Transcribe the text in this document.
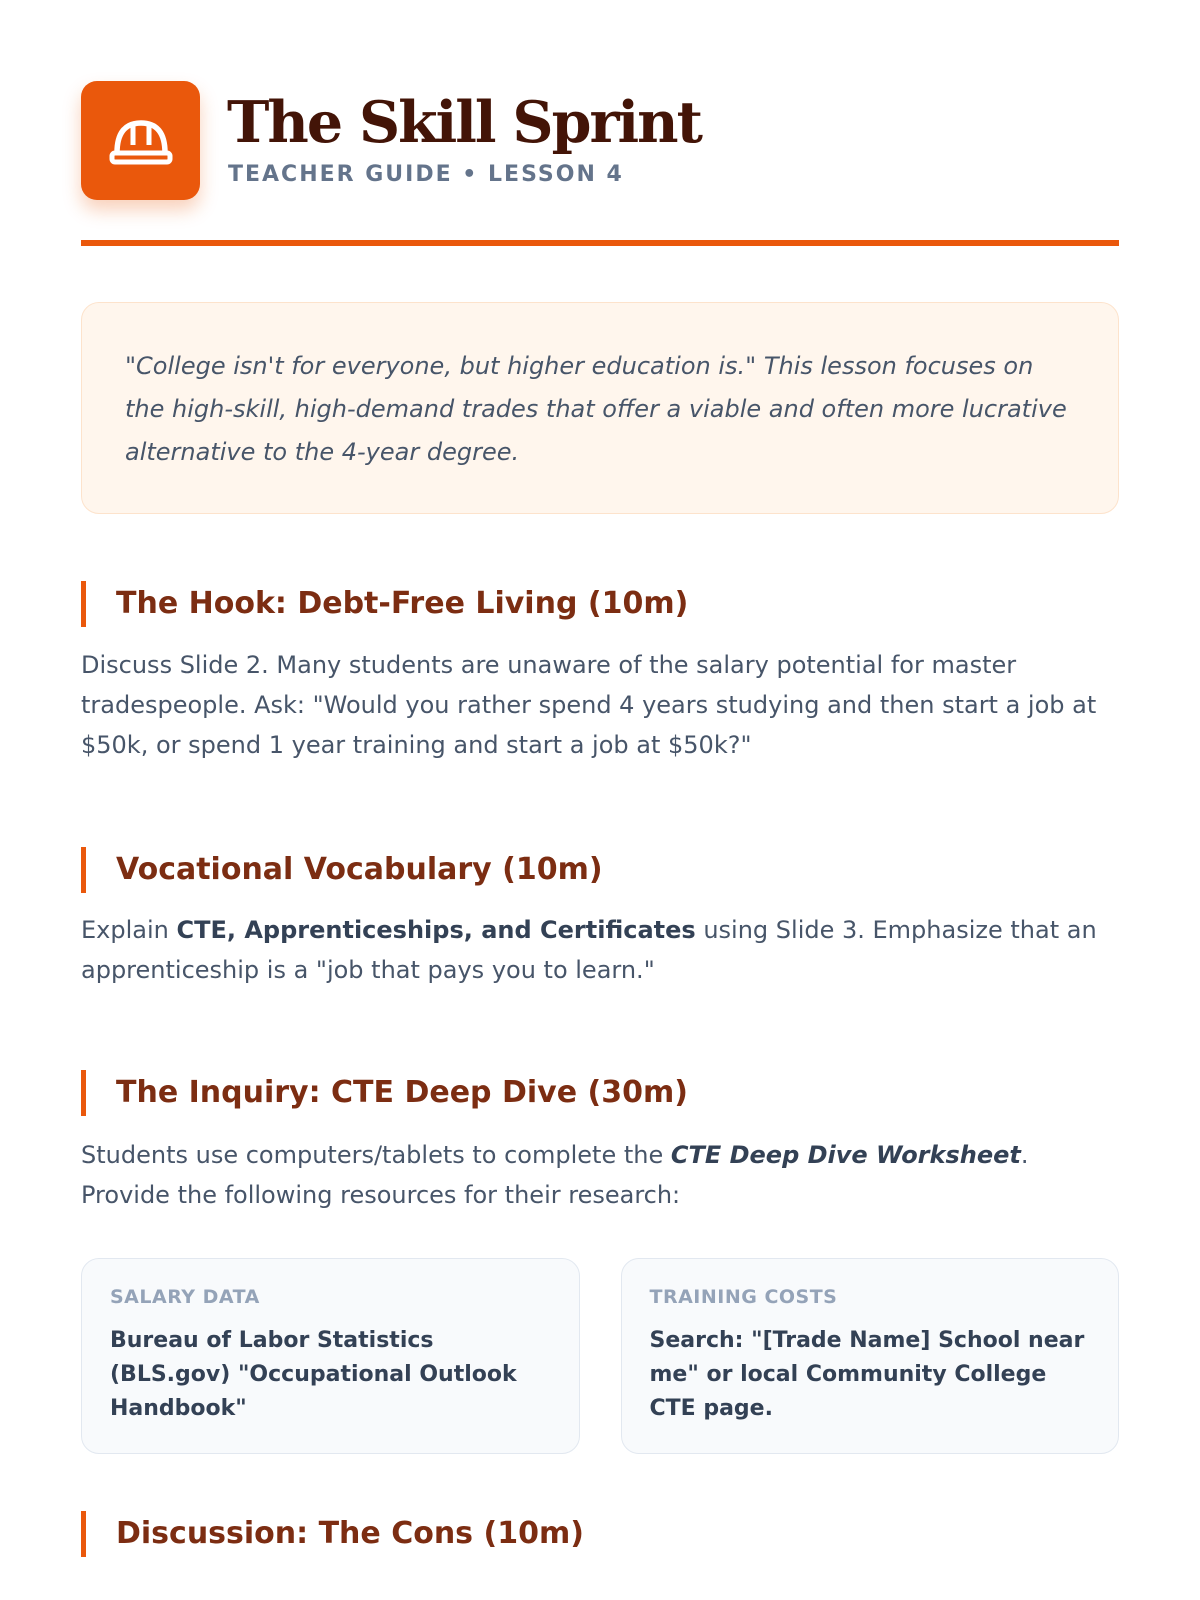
The Skill Sprint
TEACHER GUIDE • LESSON 4

"College isn't for everyone, but higher education is." This lesson focuses on the high-skill, high-demand trades that offer a viable and often more lucrative alternative to the 4-year degree.

The Hook: Debt-Free Living (10m)

Discuss Slide 2. Many students are unaware of the salary potential for master tradespeople. Ask: "Would you rather spend 4 years studying and then start a job at $50k, or spend 1 year training and start a job at $50k?"

Vocational Vocabulary (10m)

Explain CTE, Apprenticeships, and Certificates using Slide 3. Emphasize that an apprenticeship is a "job that pays you to learn."

The Inquiry: CTE Deep Dive (30m)

Students use computers/tablets to complete the CTE Deep Dive Worksheet. Provide the following resources for their research:

SALARY DATA
Bureau of Labor Statistics (BLS.gov) "Occupational Outlook Handbook"
TRAINING COSTS
Search: "[Trade Name] School near me" or local Community College CTE page.
Discussion: The Cons (10m)
